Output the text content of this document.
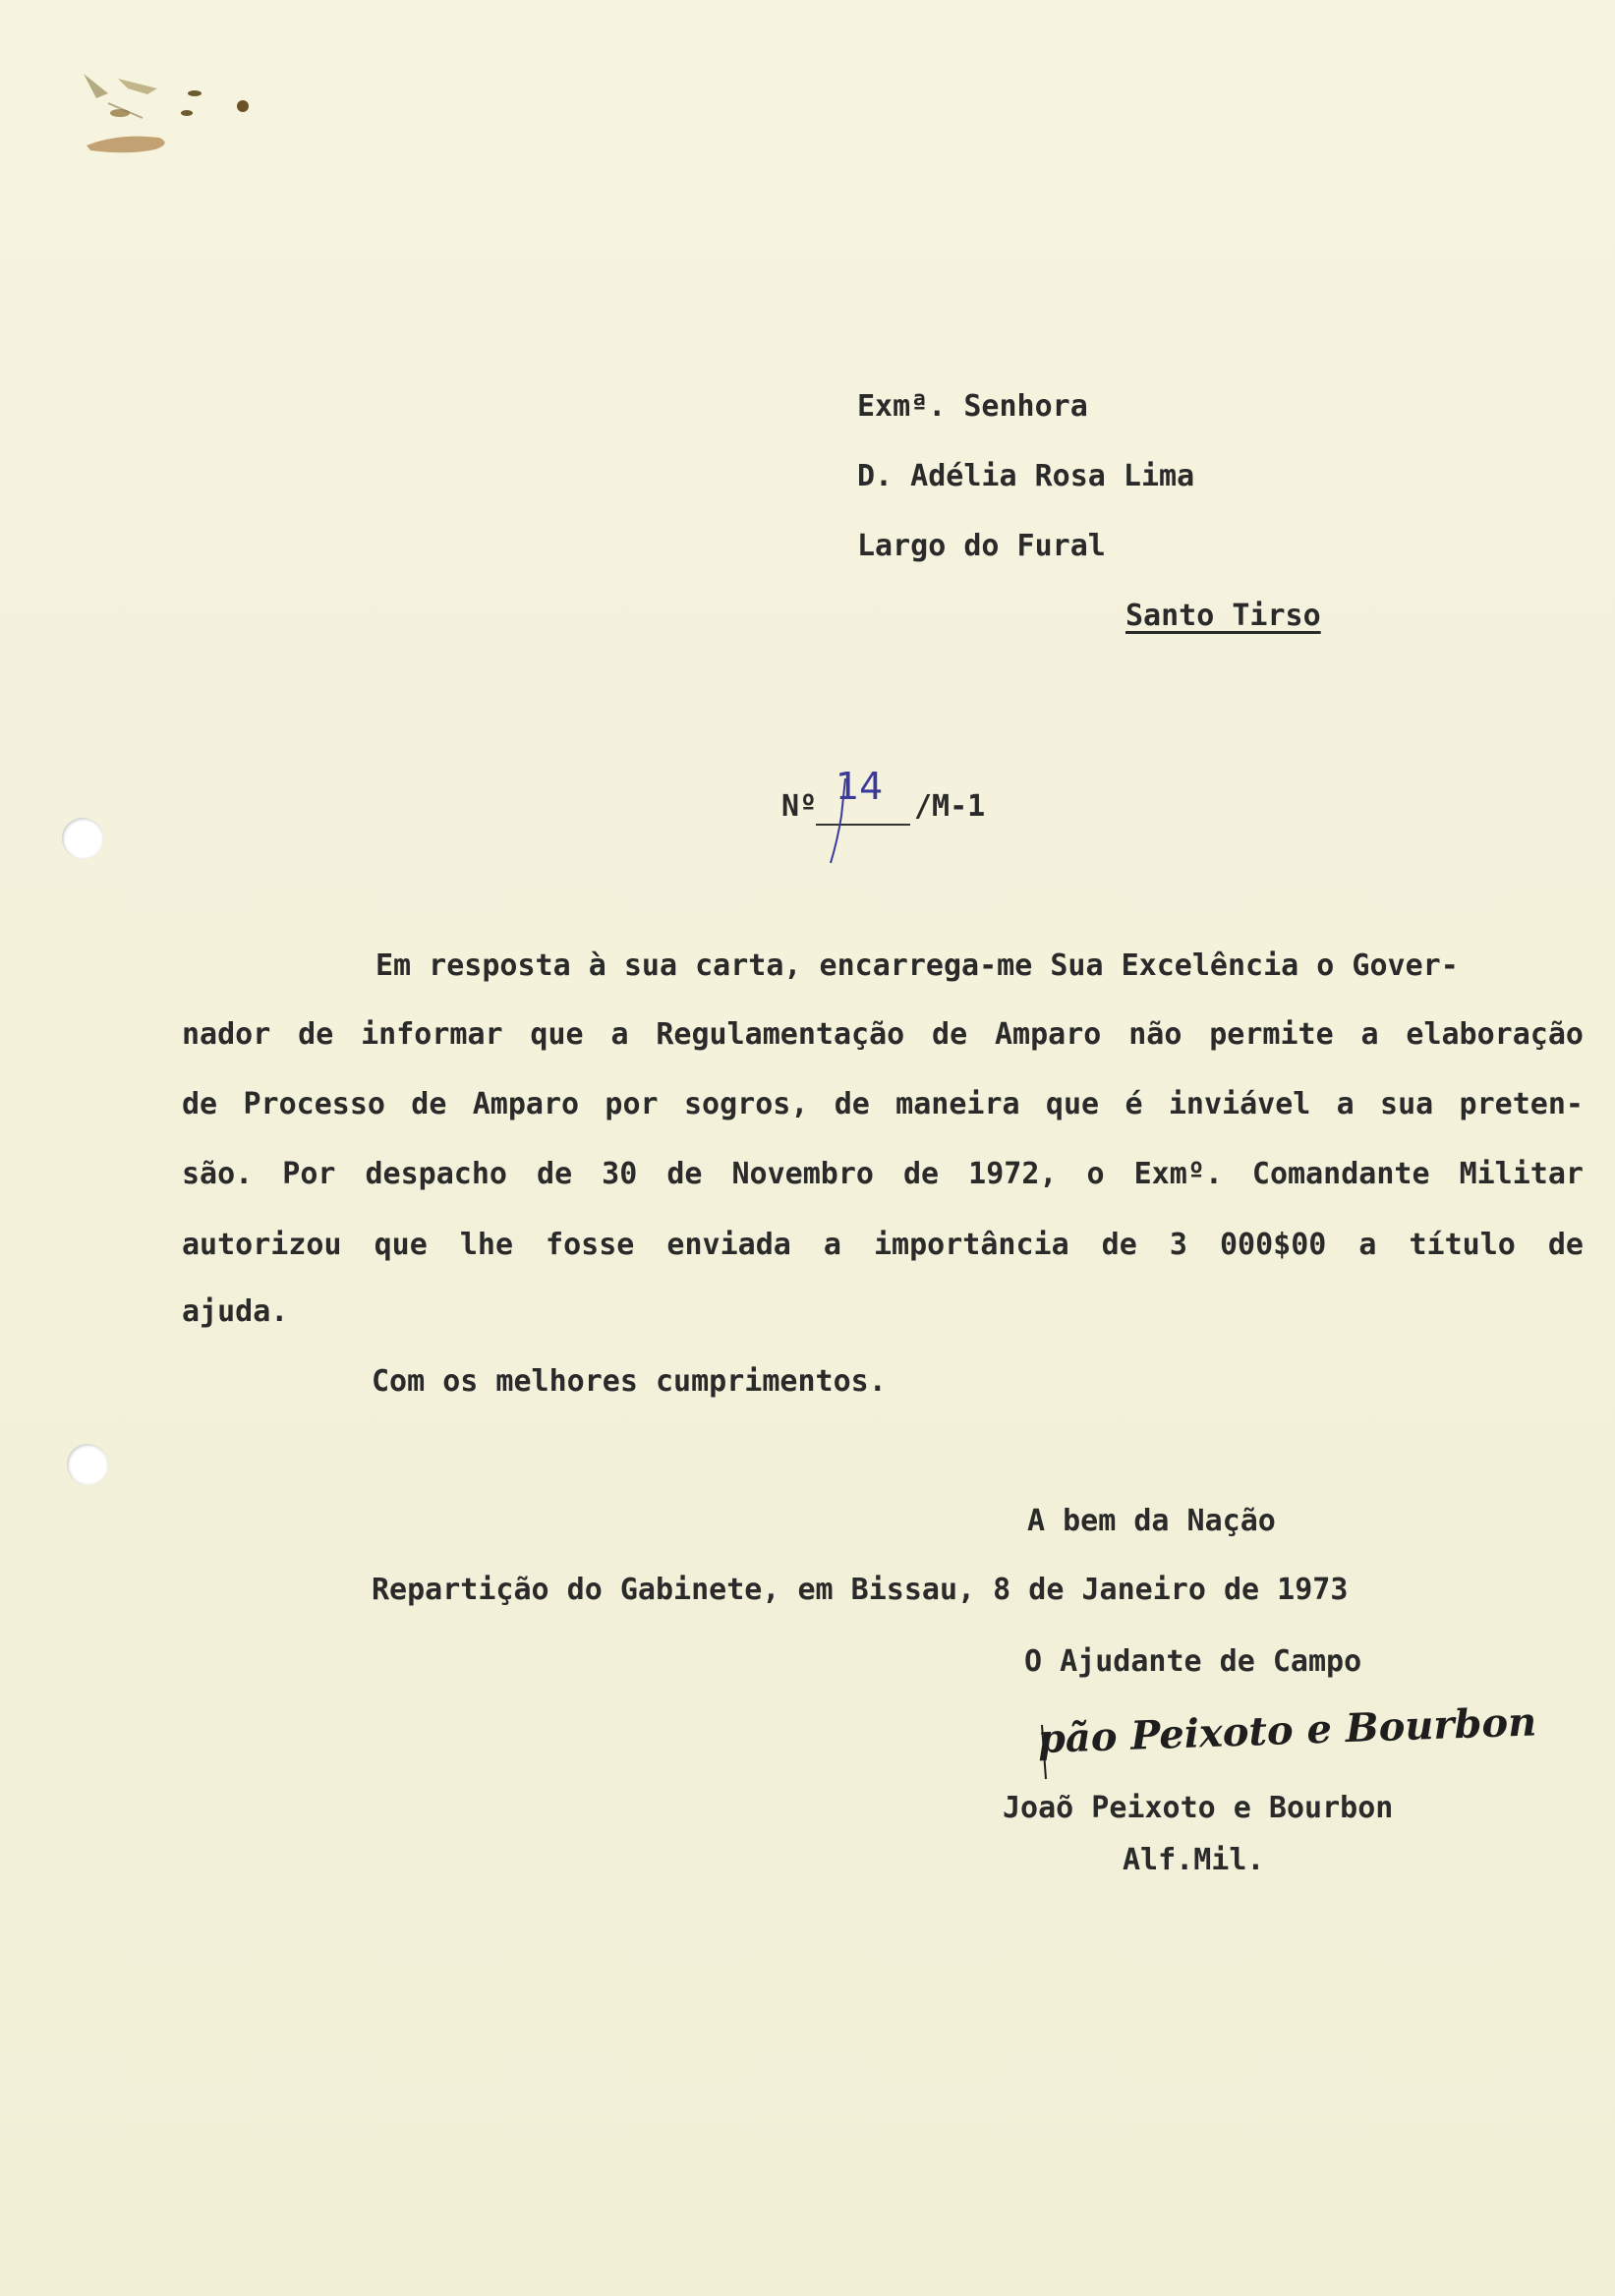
Exmª. Senhora
D. Adélia Rosa Lima
Largo do Fural
Santo Tirso
Nº 14 /M-1
Em resposta à sua carta, encarrega-me Sua Excelência o Gover-
nador de informar que a Regulamentação de Amparo não permite a elaboração
de Processo de Amparo por sogros, de maneira que é inviável a sua preten-
são. Por despacho de 30 de Novembro de 1972, o Exmº. Comandante Militar
autorizou que lhe fosse enviada a importância de 3 000$00 a título de
ajuda.
Com os melhores cumprimentos.
A bem da Nação
Repartição do Gabinete, em Bissau, 8 de Janeiro de 1973
O Ajudante de Campo
pão Peixoto e Bourbon
Joaõ Peixoto e Bourbon
Alf.Mil.
